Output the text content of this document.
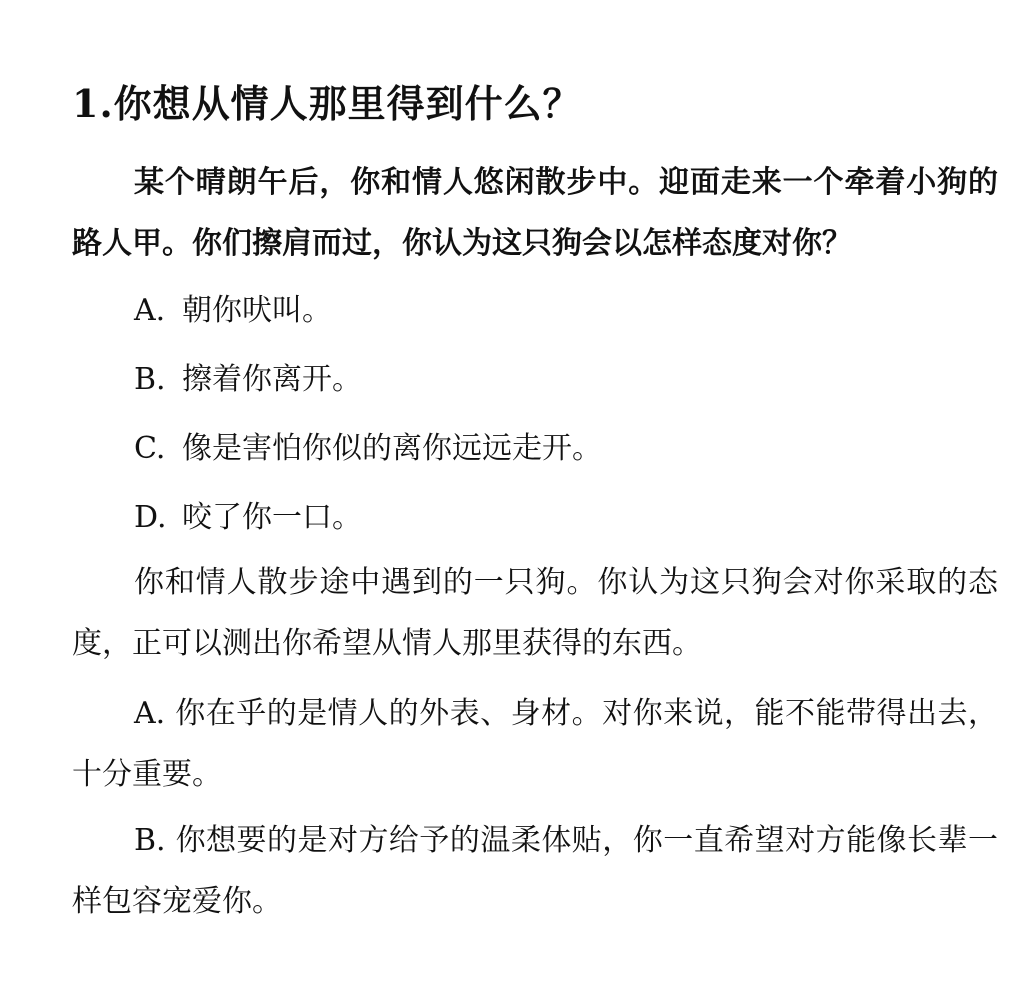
1.你想从情人那里得到什么？
某个晴朗午后，你和情人悠闲散步中。迎面走来一个牵着小狗的路人甲。你们擦肩而过，你认为这只狗会以怎样态度对你？
A. 朝你吠叫。
B. 擦着你离开。
C. 像是害怕你似的离你远远走开。
D. 咬了你一口。
你和情人散步途中遇到的一只狗。你认为这只狗会对你采取的态度，正可以测出你希望从情人那里获得的东西。
A. 你在乎的是情人的外表、身材。对你来说，能不能带得出去，十分重要。
B. 你想要的是对方给予的温柔体贴，你一直希望对方能像长辈一样包容宠爱你。
